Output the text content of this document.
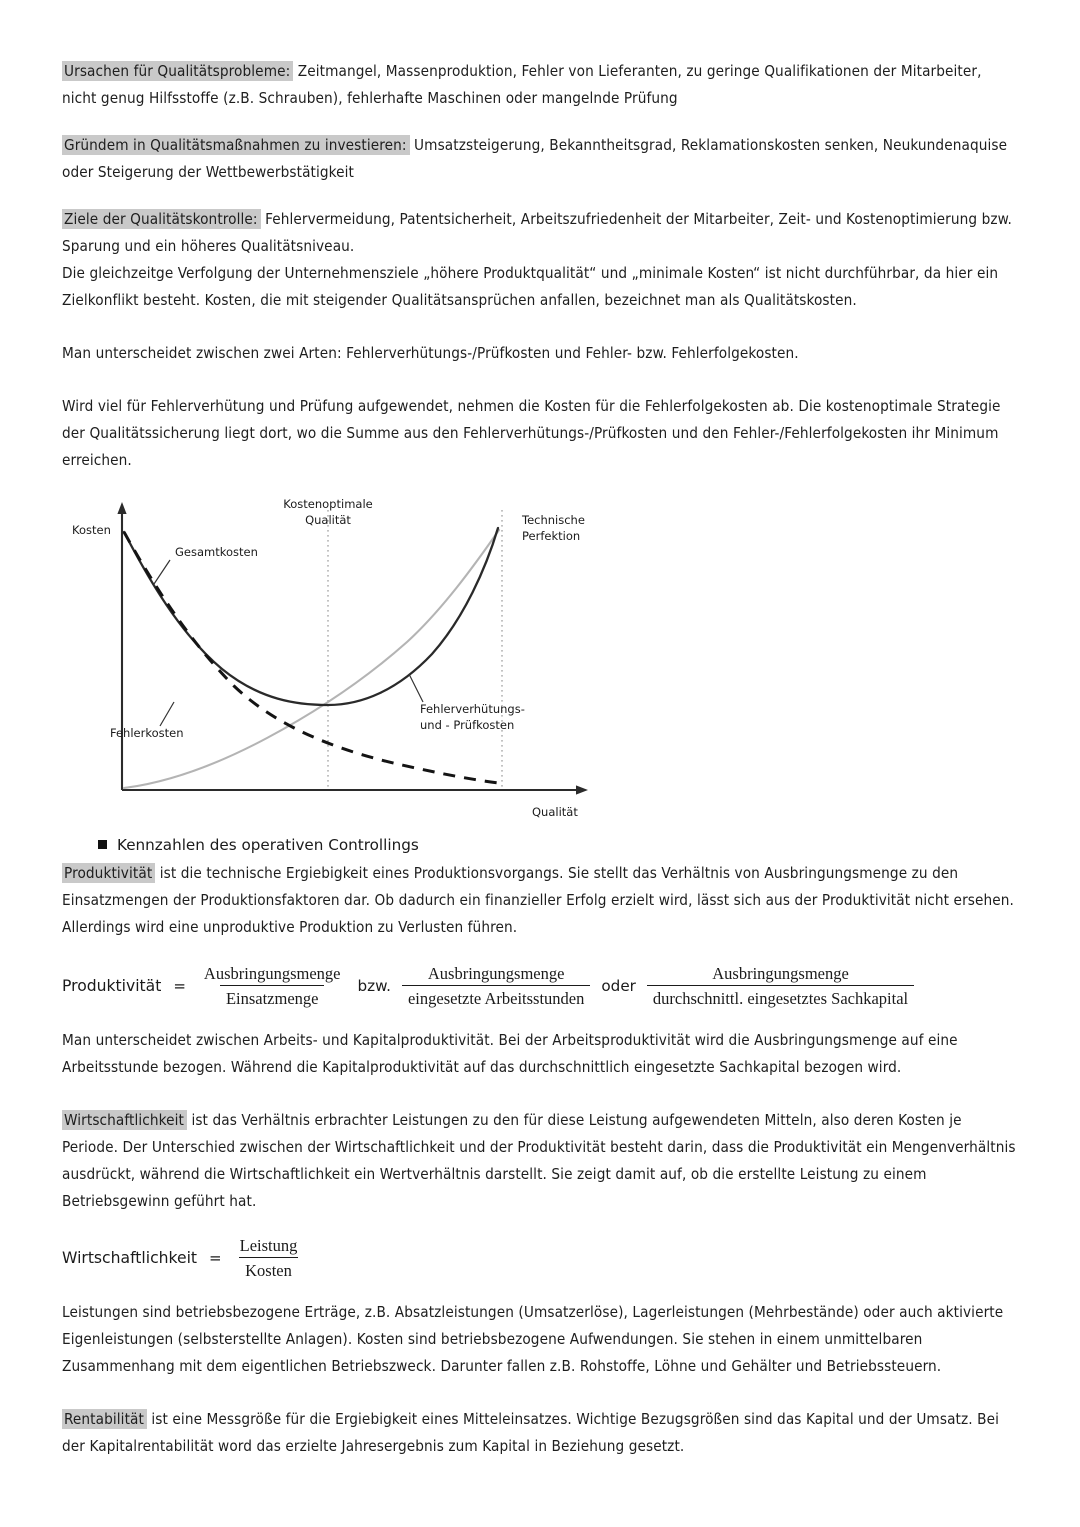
Ursachen für Qualitätsprobleme: Zeitmangel, Massenproduktion, Fehler von Lieferanten, zu geringe Qualifikationen der Mitarbeiter, nicht genug Hilfsstoffe (z.B. Schrauben), fehlerhafte Maschinen oder mangelnde Prüfung

Gründem in Qualitätsmaßnahmen zu investieren: Umsatzsteigerung, Bekanntheitsgrad, Reklamationskosten senken, Neukundenaquise oder Steigerung der Wettbewerbstätigkeit

Ziele der Qualitätskontrolle: Fehlervermeidung, Patentsicherheit, Arbeitszufriedenheit der Mitarbeiter, Zeit- und Kostenoptimierung bzw. Sparung und ein höheres Qualitätsniveau.

Die gleichzeitge Verfolgung der Unternehmensziele „höhere Produktqualität“ und „minimale Kosten“ ist nicht durchführbar, da hier ein Zielkonflikt besteht. Kosten, die mit steigender Qualitätsansprüchen anfallen, bezeichnet man als Qualitätskosten.

Man unterscheidet zwischen zwei Arten: Fehlerverhütungs-/Prüfkosten und Fehler- bzw. Fehlerfolgekosten.

Wird viel für Fehlerverhütung und Prüfung aufgewendet, nehmen die Kosten für die Fehlerfolgekosten ab. Die kostenoptimale Strategie der Qualitätssicherung liegt dort, wo die Summe aus den Fehlerverhütungs-/Prüfkosten und den Fehler-/Fehlerfolgekosten ihr Minimum erreichen.

Kosten
Qualität
Gesamtkosten
Fehlerkosten
Fehlerverhütungs-
und - Prüfkosten
Kostenoptimale
Qualität	Technische
Perfektion
Kennzahlen des operativen Controllings

Produktivität ist die technische Ergiebigkeit eines Produktionsvorgangs. Sie stellt das Verhältnis von Ausbringungsmenge zu den Einsatzmengen der Produktionsfaktoren dar. Ob dadurch ein finanzieller Erfolg erzielt wird, lässt sich aus der Produktivität nicht ersehen. Allerdings wird eine unproduktive Produktion zu Verlusten führen.

Produktivität = $\frac{\text{Ausbringungsmenge}}{\text{Einsatzmenge}}$ bzw. $\frac{\text{Ausbringungsmenge}}{\text{eingesetzte Arbeitsstunden}}$ oder $\frac{\text{Ausbringungsmenge}}{\text{durchschnittl. eingesetztes Sachkapital}}$

Man unterscheidet zwischen Arbeits- und Kapitalproduktivität. Bei der Arbeitsproduktivität wird die Ausbringungsmenge auf eine Arbeitsstunde bezogen. Während die Kapitalproduktivität auf das durchschnittlich eingesetzte Sachkapital bezogen wird.

Wirtschaftlichkeit ist das Verhältnis erbrachter Leistungen zu den für diese Leistung aufgewendeten Mitteln, also deren Kosten je Periode. Der Unterschied zwischen der Wirtschaftlichkeit und der Produktivität besteht darin, dass die Produktivität ein Mengenverhältnis ausdrückt, während die Wirtschaftlichkeit ein Wertverhältnis darstellt. Sie zeigt damit auf, ob die erstellte Leistung zu einem Betriebsgewinn geführt hat.

Wirtschaftlichkeit = $\frac{\text{Leistung}}{\text{Kosten}}$

Leistungen sind betriebsbezogene Erträge, z.B. Absatzleistungen (Umsatzerlöse), Lagerleistungen (Mehrbestände) oder auch aktivierte Eigenleistungen (selbsterstellte Anlagen). Kosten sind betriebsbezogene Aufwendungen. Sie stehen in einem unmittelbaren Zusammenhang mit dem eigentlichen Betriebszweck. Darunter fallen z.B. Rohstoffe, Löhne und Gehälter und Betriebssteuern.

Rentabilität ist eine Messgröße für die Ergiebigkeit eines Mitteleinsatzes. Wichtige Bezugsgrößen sind das Kapital und der Umsatz. Bei der Kapitalrentabilität word das erzielte Jahresergebnis zum Kapital in Beziehung gesetzt.
